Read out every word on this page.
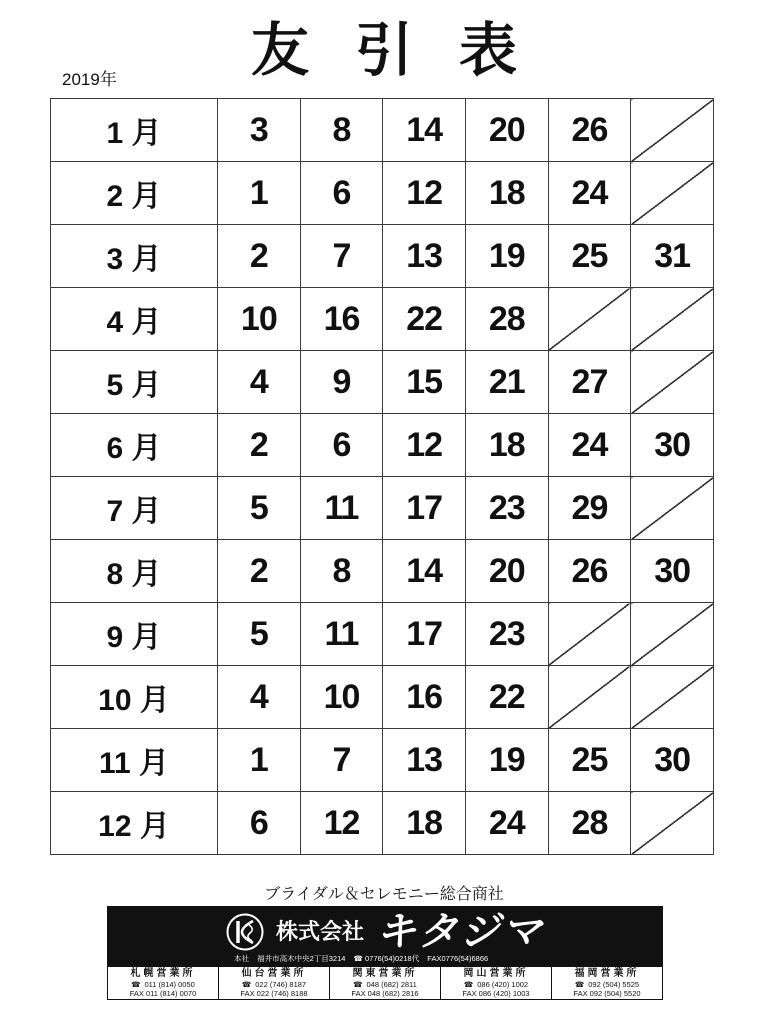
友引表
2019年
1 月	3	8	14	20	26	
2 月	1	6	12	18	24	
3 月	2	7	13	19	25	31
4 月	10	16	22	28		
5 月	4	9	15	21	27	
6 月	2	6	12	18	24	30
7 月	5	11	17	23	29	
8 月	2	8	14	20	26	30
9 月	5	11	17	23		
10 月	4	10	16	22		
11 月	1	7	13	19	25	30
12 月	6	12	18	24	28	
ブライダル＆セレモニー総合商社
株式会社 キタジマ
本社 福井市高木中央2丁目3214 ☎ 0776(54)0218代 FAX0776(54)6866
札幌営業所
☎ 011 (814) 0050
FAX 011 (814) 0070
仙台営業所
☎ 022 (746) 8187
FAX 022 (746) 8188
関東営業所
☎ 048 (682) 2811
FAX 048 (682) 2816
岡山営業所
☎ 086 (420) 1002
FAX 086 (420) 1003
福岡営業所
☎ 092 (504) 5525
FAX 092 (504) 5520
